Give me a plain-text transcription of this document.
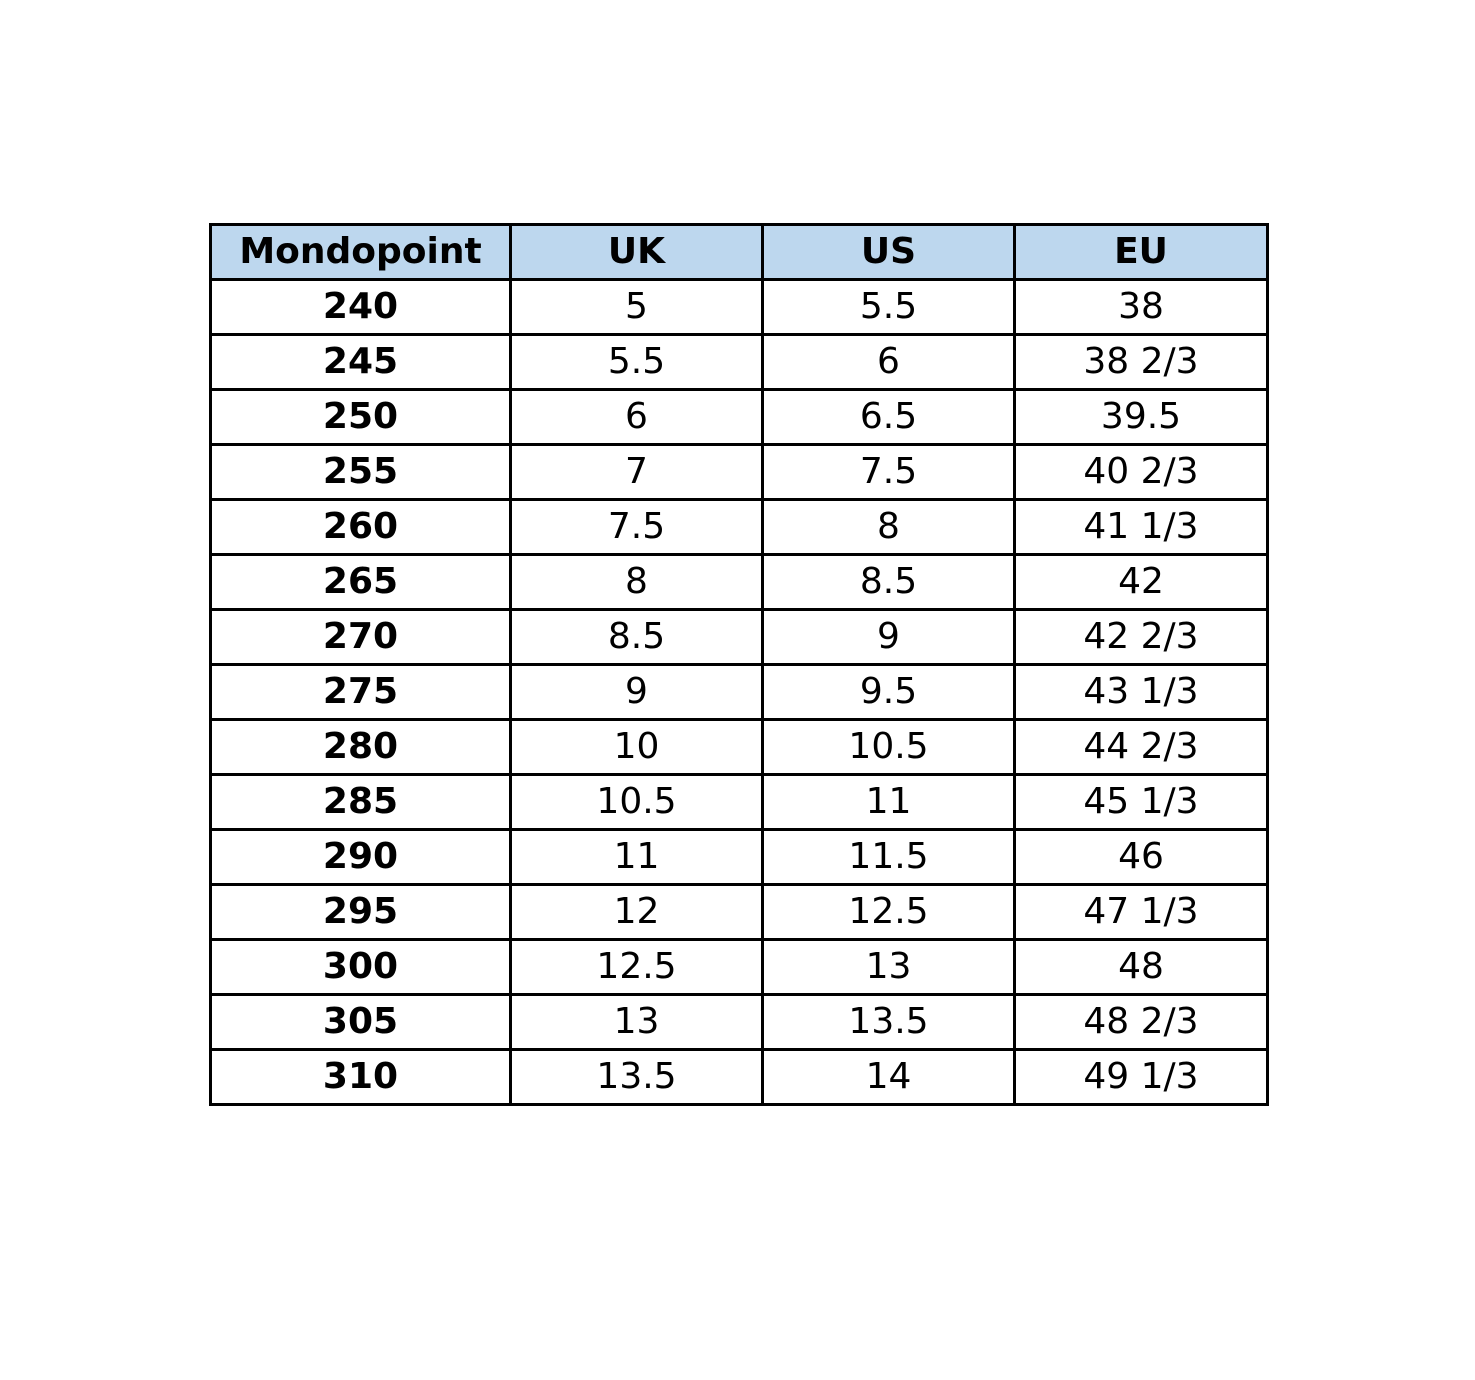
Mondopoint	UK	US	EU
240	5	5.5	38
245	5.5	6	38 2/3
250	6	6.5	39.5
255	7	7.5	40 2/3
260	7.5	8	41 1/3
265	8	8.5	42
270	8.5	9	42 2/3
275	9	9.5	43 1/3
280	10	10.5	44 2/3
285	10.5	11	45 1/3
290	11	11.5	46
295	12	12.5	47 1/3
300	12.5	13	48
305	13	13.5	48 2/3
310	13.5	14	49 1/3
